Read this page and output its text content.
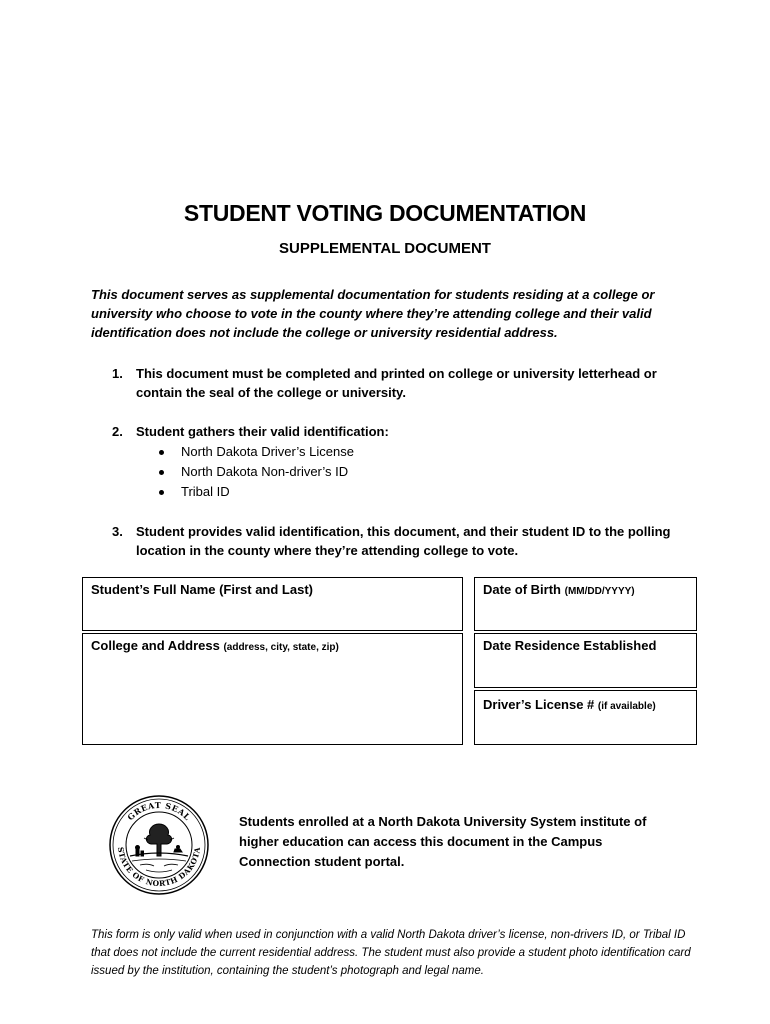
STUDENT VOTING DOCUMENTATION
SUPPLEMENTAL DOCUMENT
This document serves as supplemental documentation for students residing at a college or university who choose to vote in the county where they’re attending college and their valid identification does not include the college or university residential address.
1.	This document must be completed and printed on college or university letterhead or contain the seal of the college or university.
2.	Student gathers their valid identification:
North Dakota Driver’s License
North Dakota Non-driver’s ID
Tribal ID
3.	Student provides valid identification, this document, and their student ID to the polling location in the county where they’re attending college to vote.
Student’s Full Name (First and Last)	Date of Birth (MM/DD/YYYY)
College and Address (address, city, state, zip)	Date Residence Established
Driver’s License # (if available)
GREAT SEAL
STATE OF NORTH DAKOTA
Students enrolled at a North Dakota University System institute of higher education can access this document in the Campus Connection student portal.
This form is only valid when used in conjunction with a valid North Dakota driver’s license, non-drivers ID, or Tribal ID that does not include the current residential address. The student must also provide a student photo identification card issued by the institution, containing the student’s photograph and legal name.
